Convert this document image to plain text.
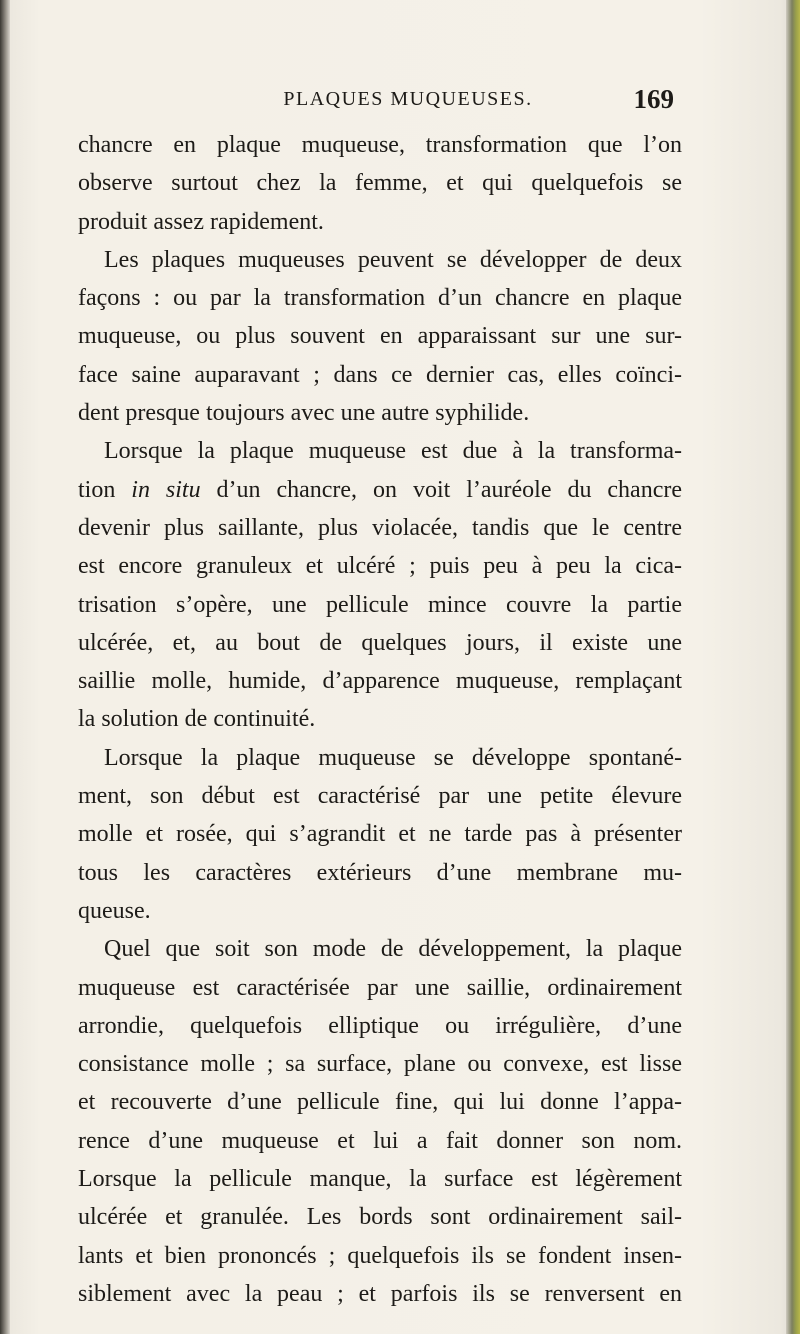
PLAQUES MUQUEUSES.	169
chancre en plaque muqueuse, transformation que l’on
observe surtout chez la femme, et qui quelquefois se
produit assez rapidement.
Les plaques muqueuses peuvent se développer de deux
façons : ou par la transformation d’un chancre en plaque
muqueuse, ou plus souvent en apparaissant sur une sur-
face saine auparavant ; dans ce dernier cas, elles coïnci-
dent presque toujours avec une autre syphilide.
Lorsque la plaque muqueuse est due à la transforma-
tion in situ d’un chancre, on voit l’auréole du chancre
devenir plus saillante, plus violacée, tandis que le centre
est encore granuleux et ulcéré ; puis peu à peu la cica-
trisation s’opère, une pellicule mince couvre la partie
ulcérée, et, au bout de quelques jours, il existe une
saillie molle, humide, d’apparence muqueuse, remplaçant
la solution de continuité.
Lorsque la plaque muqueuse se développe spontané-
ment, son début est caractérisé par une petite élevure
molle et rosée, qui s’agrandit et ne tarde pas à présenter
tous les caractères extérieurs d’une membrane mu-
queuse.
Quel que soit son mode de développement, la plaque
muqueuse est caractérisée par une saillie, ordinairement
arrondie, quelquefois elliptique ou irrégulière, d’une
consistance molle ; sa surface, plane ou convexe, est lisse
et recouverte d’une pellicule fine, qui lui donne l’appa-
rence d’une muqueuse et lui a fait donner son nom.
Lorsque la pellicule manque, la surface est légèrement
ulcérée et granulée. Les bords sont ordinairement sail-
lants et bien prononcés ; quelquefois ils se fondent insen-
siblement avec la peau ; et parfois ils se renversent en
